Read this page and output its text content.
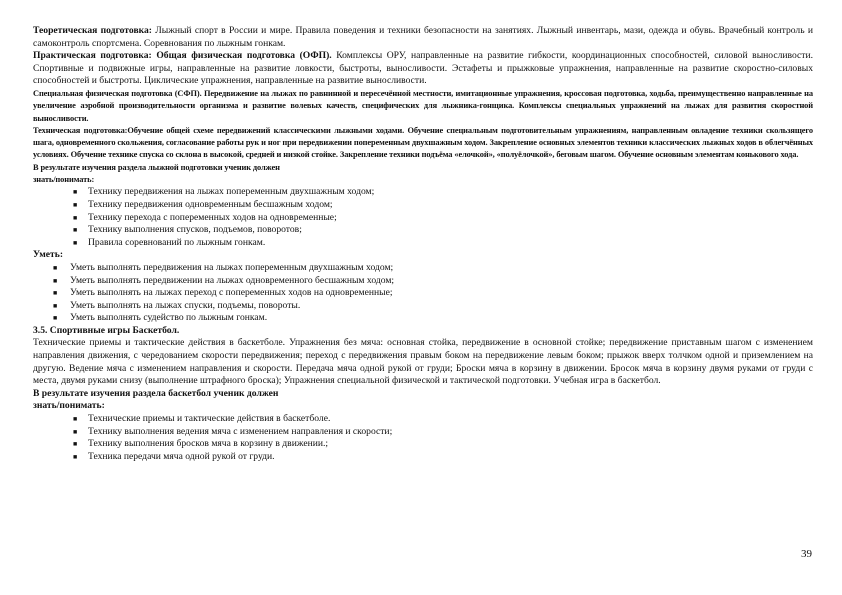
Теоретическая подготовка: Лыжный спорт в России и мире. Правила поведения и техники безопасности на занятиях. Лыжный инвентарь, мази, одежда и обувь. Врачебный контроль и самоконтроль спортсмена. Соревнования по лыжным гонкам.

Практическая подготовка: Общая физическая подготовка (ОФП). Комплексы ОРУ, направленные на развитие гибкости, координационных способностей, силовой выносливости. Спортивные и подвижные игры, направленные на развитие ловкости, быстроты, выносливости. Эстафеты и прыжковые упражнения, направленные на развитие скоростно-силовых способностей и быстроты. Циклические упражнения, направленные на развитие выносливости.

Специальная физическая подготовка (СФП). Передвижение на лыжах по равнинной и пересечённой местности, имитационные упражнения, кроссовая подготовка, ходьба, преимущественно направленные на увеличение аэробной производительности организма и развитие волевых качеств, специфических для лыжника-гонщика. Комплексы специальных упражнений на лыжах для развития скоростной выносливости.

Техническая подготовка:Обучение общей схеме передвижений классическими лыжными ходами. Обучение специальным подготовительным упражнениям, направленным овладение техники скользящего шага, одновременного скольжения, согласование работы рук и ног при передвижении попеременным двухшажным ходом. Закрепление основных элементов техники классических лыжных ходов в облегчённых условиях. Обучение технике спуска со склона в высокой, средней и низкой стойке. Закрепление техники подъёма «елочкой», «полуёлочкой», беговым шагом. Обучение основным элементам конькового хода.

В результате изучения раздела лыжной подготовки ученик должен

знать/понимать:

■ Технику передвижения на лыжах попеременным двухшажным ходом;
■ Технику передвижения одновременным бесшажным ходом;
■ Технику перехода с попеременных ходов на одновременные;
■ Технику выполнения спусков, подъемов, поворотов;
■ Правила соревнований по лыжным гонкам.

Уметь:

■ Уметь выполнять передвижения на лыжах попеременным двухшажным ходом;
■ Уметь выполнять передвижении на лыжах одновременного бесшажным ходом;
■ Уметь выполнять на лыжах переход с попеременных ходов на одновременные;
■ Уметь выполнять на лыжах спуски, подъемы, повороты.
■ Уметь выполнять судейство по лыжным гонкам.

3.5. Спортивные игры Баскетбол.

Технические приемы и тактические действия в баскетболе. Упражнения без мяча: основная стойка, передвижение в основной стойке; передвижение приставным шагом с изменением направления движения, с чередованием скорости передвижения; переход с передвижения правым боком на передвижение левым боком; прыжок вверх толчком одной и приземлением на другую. Ведение мяча с изменением направления и скорости. Передача мяча одной рукой от груди; Броски мяча в корзину в движении. Бросок мяча в корзину двумя руками от груди с места, двумя руками снизу (выполнение штрафного броска); Упражнения специальной физической и тактической подготовки. Учебная игра в баскетбол.

В результате изучения раздела баскетбол ученик должен

знать/понимать:

■ Технические приемы и тактические действия в баскетболе.
■ Технику выполнения ведения мяча с изменением направления и скорости;
■ Технику выполнения бросков мяча в корзину в движении.;
■ Техника передачи мяча одной рукой от груди.
39
